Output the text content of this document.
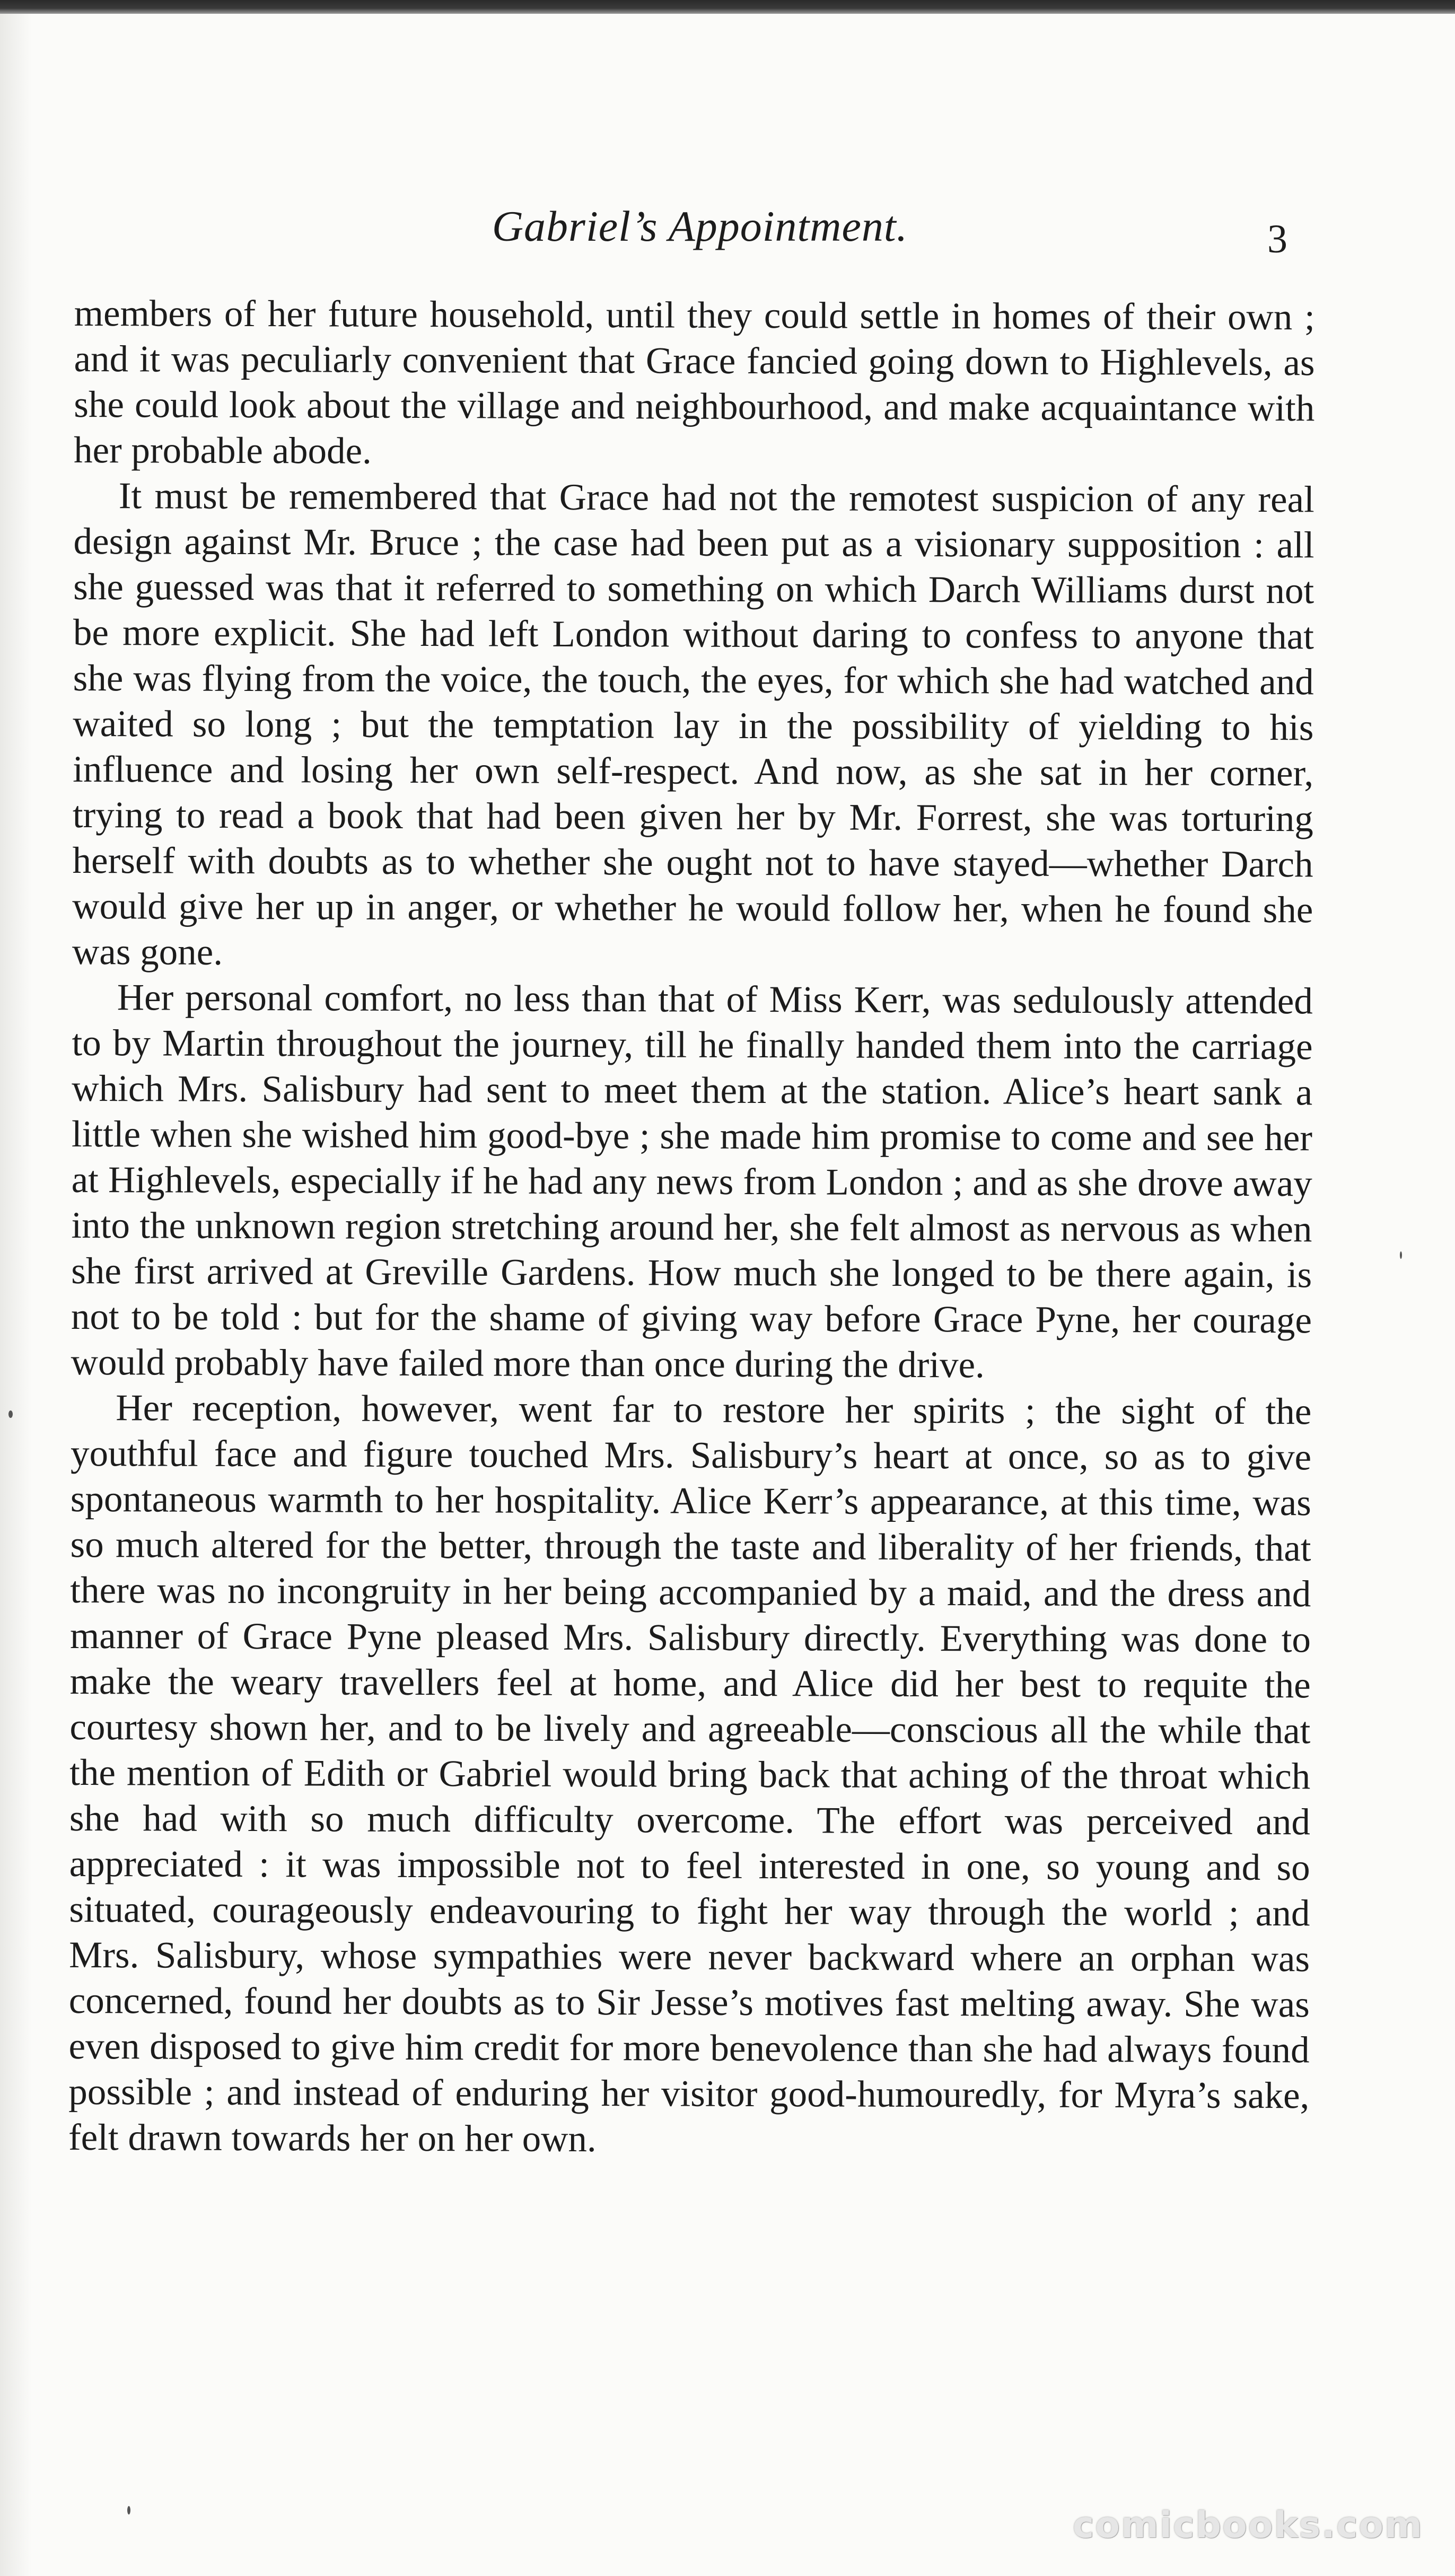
Gabriel’s Appointment.	3

members of her future household, until they could settle in homes of their own ; and it was peculiarly convenient that Grace fancied going down to Highlevels, as she could look about the village and neighbourhood, and make acquaintance with her probable abode.

It must be remembered that Grace had not the remotest suspicion of any real design against Mr. Bruce ; the case had been put as a visionary supposition : all she guessed was that it referred to something on which Darch Williams durst not be more explicit. She had left London without daring to confess to anyone that she was flying from the voice, the touch, the eyes, for which she had watched and waited so long ; but the temptation lay in the possibility of yielding to his influence and losing her own self-respect. And now, as she sat in her corner, trying to read a book that had been given her by Mr. Forrest, she was torturing herself with doubts as to whether she ought not to have stayed—whether Darch would give her up in anger, or whether he would follow her, when he found she was gone.

Her personal comfort, no less than that of Miss Kerr, was sedulously attended to by Martin throughout the journey, till he finally handed them into the carriage which Mrs. Salisbury had sent to meet them at the station. Alice’s heart sank a little when she wished him good-bye ; she made him promise to come and see her at Highlevels, especially if he had any news from London ; and as she drove away into the unknown region stretching around her, she felt almost as nervous as when she first arrived at Greville Gardens. How much she longed to be there again, is not to be told : but for the shame of giving way before Grace Pyne, her courage would probably have failed more than once during the drive.

Her reception, however, went far to restore her spirits ; the sight of the youthful face and figure touched Mrs. Salisbury’s heart at once, so as to give spontaneous warmth to her hospitality. Alice Kerr’s appearance, at this time, was so much altered for the better, through the taste and liberality of her friends, that there was no incongruity in her being accompanied by a maid, and the dress and manner of Grace Pyne pleased Mrs. Salisbury directly. Everything was done to make the weary travellers feel at home, and Alice did her best to requite the courtesy shown her, and to be lively and agreeable—conscious all the while that the mention of Edith or Gabriel would bring back that aching of the throat which she had with so much difficulty overcome. The effort was perceived and appreciated : it was impossible not to feel interested in one, so young and so situated, courageously endeavouring to fight her way through the world ; and Mrs. Salisbury, whose sympathies were never backward where an orphan was concerned, found her doubts as to Sir Jesse’s motives fast melting away. She was even disposed to give him credit for more benevolence than she had always found possible ; and instead of enduring her visitor good-humouredly, for Myra’s sake, felt drawn towards her on her own.

comicbooks.com
